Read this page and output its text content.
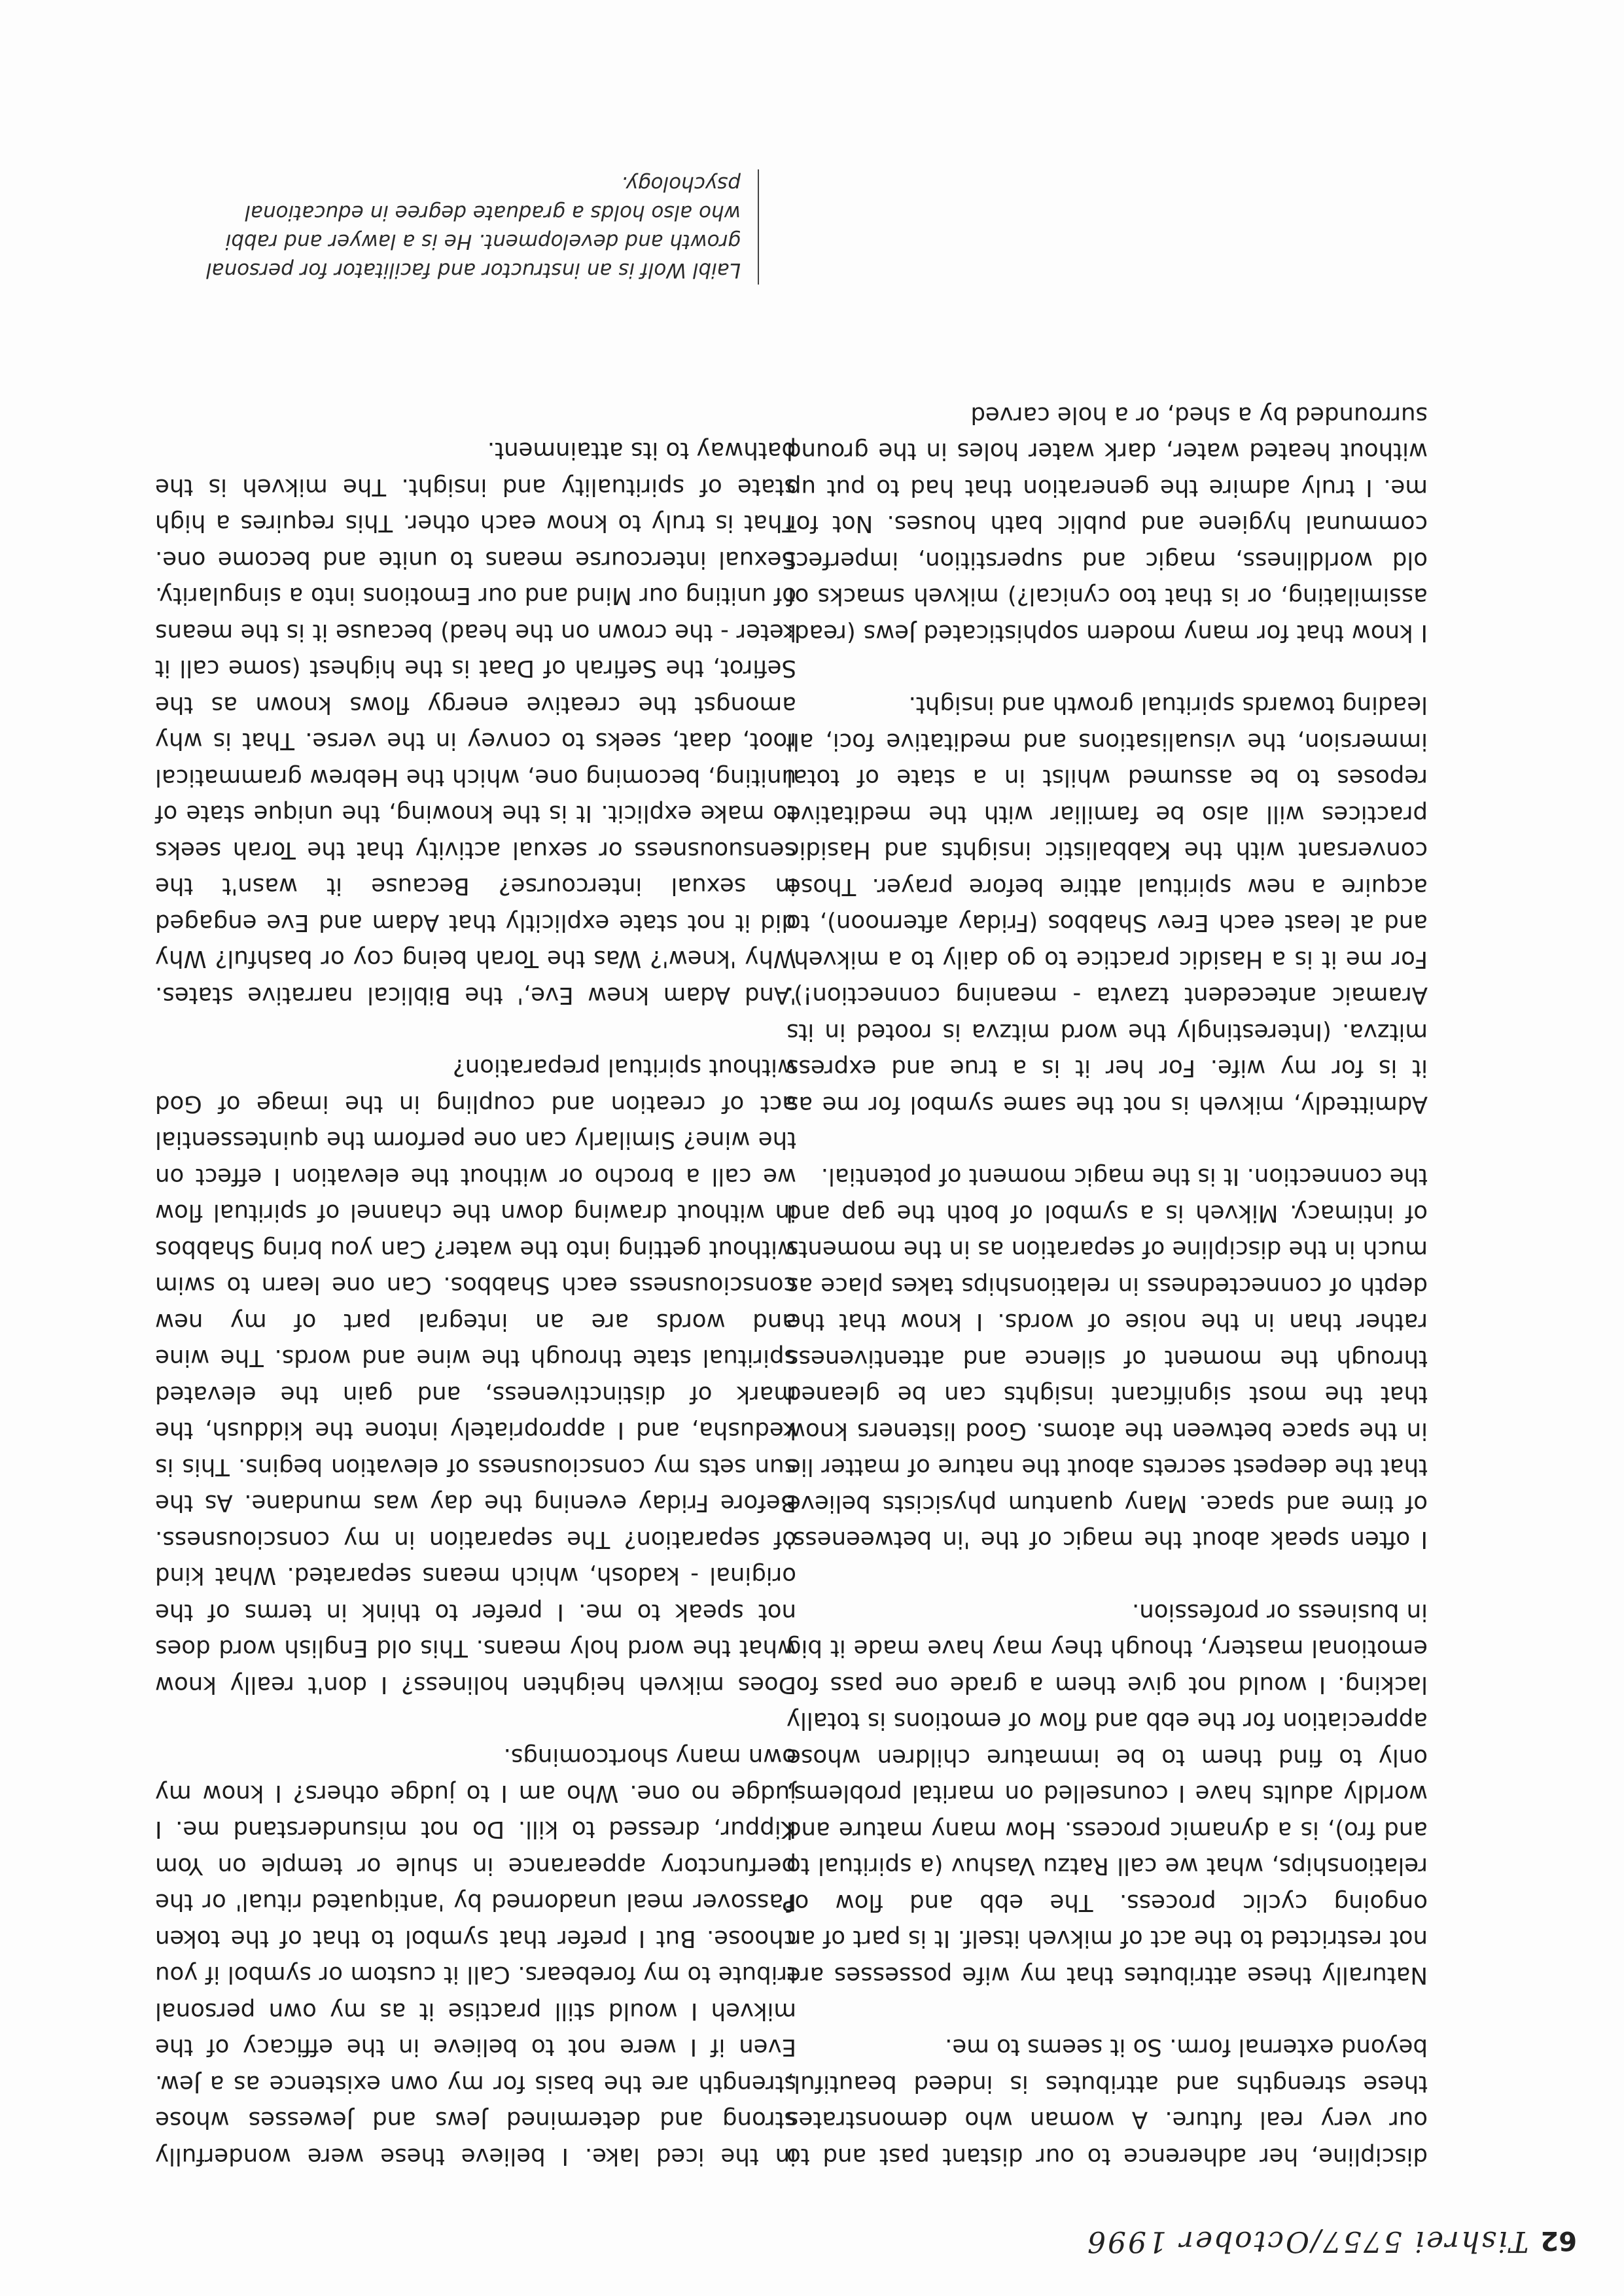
62Tishrei 5757/October 1996

discipline, her adherence to our distant past and to our very real future. A woman who demonstrates these strengths and attributes is indeed beautiful, beyond external form. So it seems to me.

Naturally these attributes that my wife possesses are not restricted to the act of mikveh itself. It is part of an ongoing cyclic process. The ebb and flow of relationships, what we call Ratzu Vashuv (a spiritual to and fro), is a dynamic process. How many mature and worldly adults have I counselled on marital problems, only to find them to be immature children whose appreciation for the ebb and flow of emotions is totally lacking. I would not give them a grade one pass for emotional mastery, though they may have made it big in business or profession.

I often speak about the magic of the 'in betweeness' of time and space. Many quantum physicists believe that the deepest secrets about the nature of matter lie in the space between the atoms. Good listeners know that the most significant insights can be gleaned through the moment of silence and attentiveness rather than in the noise of words. I know that the depth of connectedness in relationships takes place as much in the discipline of separation as in the moments of intimacy. Mikveh is a symbol of both the gap and the connection. It is the magic moment of potential.

Admittedly, mikveh is not the same symbol for me as it is for my wife. For her it is a true and express mitzva. (Interestingly the word mitzva is rooted in its Aramaic antecedent tzavta - meaning connection!). For me it is a Hasidic practice to go daily to a mikveh, and at least each Erev Shabbos (Friday afternoon), to acquire a new spiritual attire before prayer. Those conversant with the Kabbalistic insights and Hasidic practices will also be familiar with the meditative reposes to be assumed whilst in a state of total immersion, the visualisations and meditative foci, all leading towards spiritual growth and insight.

I know that for many modern sophisticated Jews (read: assimilating, or is that too cynical?) mikveh smacks of old worldliness, magic and superstition, imperfect communal hygiene and public bath houses. Not for me. I truly admire the generation that had to put up without heated water, dark water holes in the ground surrounded by a shed, or a hole carved

in the iced lake. I believe these were wonderfully strong and determined Jews and Jewesses whose strength are the basis for my own existence as a Jew. Even if I were not to believe in the efficacy of the mikveh I would still practise it as my own personal tribute to my forebears. Call it custom or symbol if you choose. But I prefer that symbol to that of the token Passover meal unadorned by 'antiquated ritual' or the perfunctory appearance in shule or temple on Yom Kippur, dressed to kill. Do not misunderstand me. I judge no one. Who am I to judge others? I know my own many shortcomings.

Does mikveh heighten holiness? I don't really know what the word holy means. This old English word does not speak to me. I prefer to think in terms of the original - kadosh, which means separated. What kind of separation? The separation in my consciousness. Before Friday evening the day was mundane. As the sun sets my consciousness of elevation begins. This is kedusha, and I appropriately intone the kiddush, the mark of distinctiveness, and gain the elevated spiritual state through the wine and words. The wine and words are an integral part of my new consciousness each Shabbos. Can one learn to swim without getting into the water? Can you bring Shabbos in without drawing down the channel of spiritual flow we call a brocho or without the elevation I effect on the wine? Similarly can one perform the quintessential act of creation and coupling in the image of God without spiritual preparation?

'And Adam knew Eve,' the Biblical narrative states. Why 'knew'? Was the Torah being coy or bashful? Why did it not state explicitly that Adam and Eve engaged in sexual intercourse? Because it wasn't the sensuousness or sexual activity that the Torah seeks to make explicit. It is the knowing, the unique state of uniting, becoming one, which the Hebrew grammatical root, daat, seeks to convey in the verse. That is why amongst the creative energy flows known as the Sefirot, the Sefirah of Daat is the highest (some call it keter - the crown on the head) because it is the means of uniting our Mind and our Emotions into a singularity. Sexual intercourse means to unite and become one. That is truly to know each other. This requires a high state of spirituality and insight. The mikveh is the pathway to its attainment.

Laibl Wolf is an instructor and facilitator for personal growth and development. He is a lawyer and rabbi who also holds a graduate degree in educational psychology.
